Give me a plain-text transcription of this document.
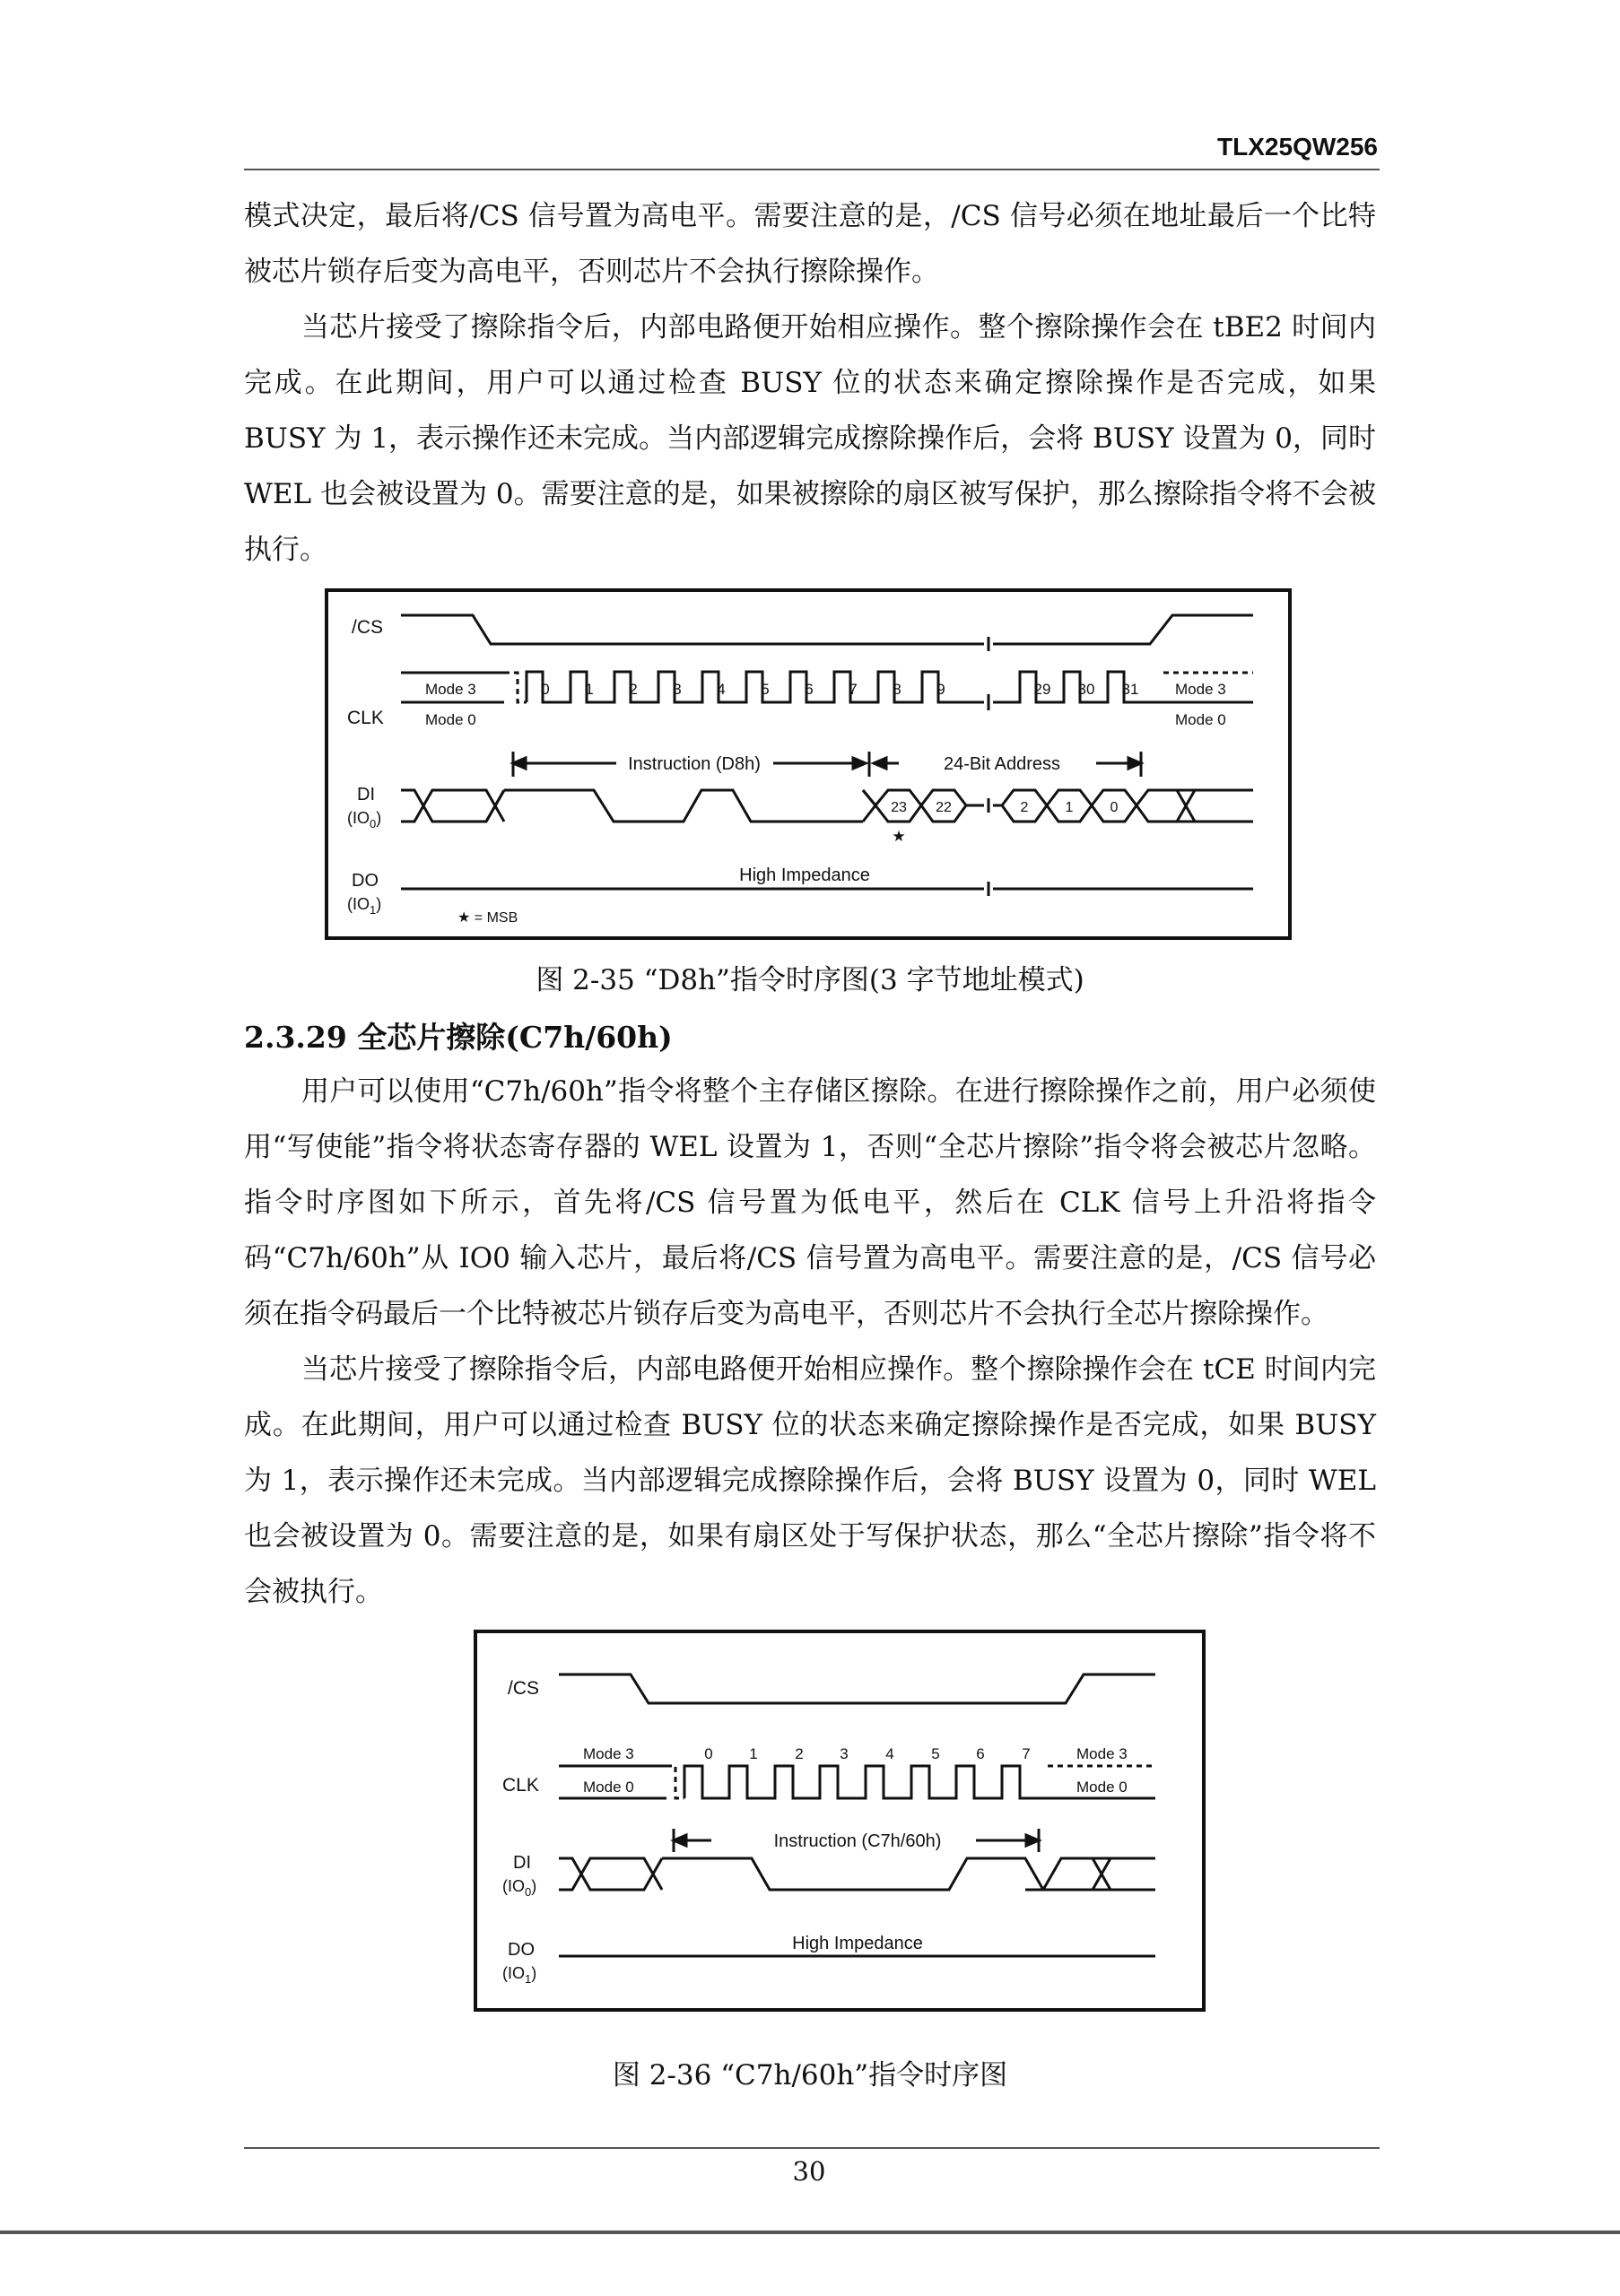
TLX25QW256
模式决定，最后将/CS 信号置为高电平。需要注意的是，/CS 信号必须在地址最后一个比特被芯片锁存后变为高电平，否则芯片不会执行擦除操作。
当芯片接受了擦除指令后，内部电路便开始相应操作。整个擦除操作会在 tBE2 时间内完成。在此期间，用户可以通过检查 BUSY 位的状态来确定擦除操作是否完成，如果 BUSY 为 1，表示操作还未完成。当内部逻辑完成擦除操作后，会将 BUSY 设置为 0，同时 WEL 也会被设置为 0。需要注意的是，如果被擦除的扇区被写保护，那么擦除指令将不会被执行。
/CS
CLK
DI
$(IO_0)$
DO
$(IO_1)$
Mode 3
Mode 0
Mode 3
Mode 0
0 1 2 3 4 5 6 7 8 9	29 30 31
Instruction (D8h)	24-Bit Address
23 22	2	1	0
★
High Impedance
★ = MSB
图 2-35 “D8h”指令时序图(3 字节地址模式)
2.3.29 全芯片擦除(C7h/60h)
用户可以使用“C7h/60h”指令将整个主存储区擦除。在进行擦除操作之前，用户必须使用“写使能”指令将状态寄存器的 WEL 设置为 1，否则“全芯片擦除”指令将会被芯片忽略。指令时序图如下所示，首先将/CS 信号置为低电平，然后在 CLK 信号上升沿将指令码“C7h/60h”从 IO0 输入芯片，最后将/CS 信号置为高电平。需要注意的是，/CS 信号必须在指令码最后一个比特被芯片锁存后变为高电平，否则芯片不会执行全芯片擦除操作。
当芯片接受了擦除指令后，内部电路便开始相应操作。整个擦除操作会在 tCE 时间内完成。在此期间，用户可以通过检查 BUSY 位的状态来确定擦除操作是否完成，如果 BUSY 为 1，表示操作还未完成。当内部逻辑完成擦除操作后，会将 BUSY 设置为 0，同时 WEL 也会被设置为 0。需要注意的是，如果有扇区处于写保护状态，那么“全芯片擦除”指令将不会被执行。
/CS
CLK
DI
$(IO_0)$
DO
$(IO_1)$
Mode 3
Mode 0
Mode 3
Mode 0
0 1 2 3 4 5 6 7
Instruction (C7h/60h)
High Impedance
图 2-36 “C7h/60h”指令时序图
30
